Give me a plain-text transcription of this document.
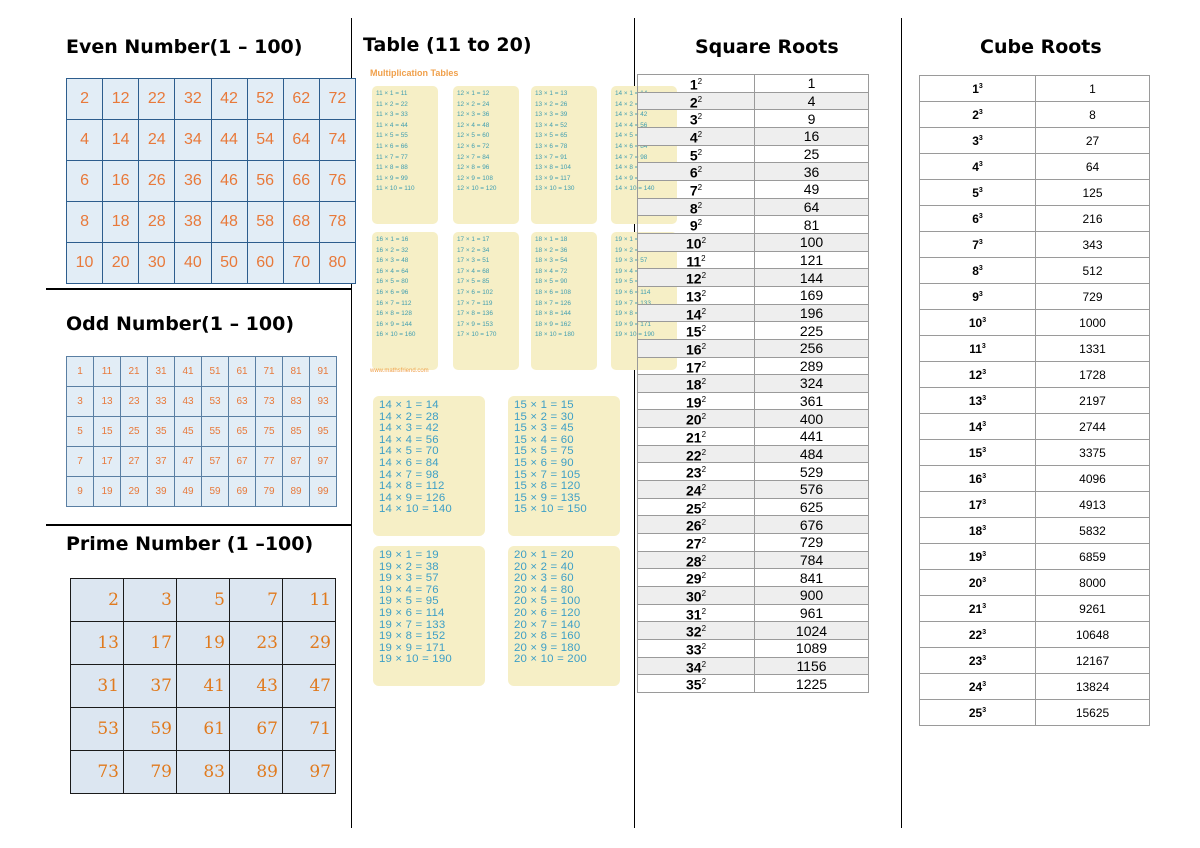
Even Number(1 – 100)
Odd Number(1 – 100)
Prime Number (1 –100)
Table (11 to 20)	Square Roots	Cube Roots
2	12	22	32	42	52	62	72
4	14	24	34	44	54	64	74
6	16	26	36	46	56	66	76
8	18	28	38	48	58	68	78
10	20	30	40	50	60	70	80
1	11	21	31	41	51	61	71	81	91
3	13	23	33	43	53	63	73	83	93
5	15	25	35	45	55	65	75	85	95
7	17	27	37	47	57	67	77	87	97
9	19	29	39	49	59	69	79	89	99
2	3	5	7	11
13	17	19	23	29
31	37	41	43	47
53	59	61	67	71
73	79	83	89	97
Multiplication Tables
11 × 1 = 11
11 × 2 = 22
11 × 3 = 33
11 × 4 = 44
11 × 5 = 55
11 × 6 = 66
11 × 7 = 77
11 × 8 = 88
11 × 9 = 99
11 × 10 = 110
12 × 1 = 12
12 × 2 = 24
12 × 3 = 36
12 × 4 = 48
12 × 5 = 60
12 × 6 = 72
12 × 7 = 84
12 × 8 = 96
12 × 9 = 108
12 × 10 = 120
13 × 1 = 13
13 × 2 = 26
13 × 3 = 39
13 × 4 = 52
13 × 5 = 65
13 × 6 = 78
13 × 7 = 91
13 × 8 = 104
13 × 9 = 117
13 × 10 = 130
14 × 1 = 14
14 × 2 = 28
14 × 3 = 42
14 × 4 = 56
14 × 5 = 70
14 × 6 = 84
14 × 7 = 98
14 × 8 = 112
14 × 9 = 126
14 × 10 = 140
16 × 1 = 16
16 × 2 = 32
16 × 3 = 48
16 × 4 = 64
16 × 5 = 80
16 × 6 = 96
16 × 7 = 112
16 × 8 = 128
16 × 9 = 144
16 × 10 = 160
17 × 1 = 17
17 × 2 = 34
17 × 3 = 51
17 × 4 = 68
17 × 5 = 85
17 × 6 = 102
17 × 7 = 119
17 × 8 = 136
17 × 9 = 153
17 × 10 = 170
18 × 1 = 18
18 × 2 = 36
18 × 3 = 54
18 × 4 = 72
18 × 5 = 90
18 × 6 = 108
18 × 7 = 126
18 × 8 = 144
18 × 9 = 162
18 × 10 = 180
19 × 1 = 19
19 × 2 = 38
19 × 3 = 57
19 × 4 = 76
19 × 5 = 95
19 × 6 = 114
19 × 7 = 133
19 × 8 = 152
19 × 9 = 171
19 × 10 = 190
www.mathsfriend.com
14 × 1 = 14
14 × 2 = 28
14 × 3 = 42
14 × 4 = 56
14 × 5 = 70
14 × 6 = 84
14 × 7 = 98
14 × 8 = 112
14 × 9 = 126
14 × 10 = 140
15 × 1 = 15
15 × 2 = 30
15 × 3 = 45
15 × 4 = 60
15 × 5 = 75
15 × 6 = 90
15 × 7 = 105
15 × 8 = 120
15 × 9 = 135
15 × 10 = 150
19 × 1 = 19
19 × 2 = 38
19 × 3 = 57
19 × 4 = 76
19 × 5 = 95
19 × 6 = 114
19 × 7 = 133
19 × 8 = 152
19 × 9 = 171
19 × 10 = 190
20 × 1 = 20
20 × 2 = 40
20 × 3 = 60
20 × 4 = 80
20 × 5 = 100
20 × 6 = 120
20 × 7 = 140
20 × 8 = 160
20 × 9 = 180
20 × 10 = 200
$1^2$	1
$2^2$	4
$3^2$	9
$4^2$	16
$5^2$	25
$6^2$	36
$7^2$	49
$8^2$	64
$9^2$	81
$10^2$	100
$11^2$	121
$12^2$	144
$13^2$	169
$14^2$	196
$15^2$	225
$16^2$	256
$17^2$	289
$18^2$	324
$19^2$	361
$20^2$	400
$21^2$	441
$22^2$	484
$23^2$	529
$24^2$	576
$25^2$	625
$26^2$	676
$27^2$	729
$28^2$	784
$29^2$	841
$30^2$	900
$31^2$	961
$32^2$	1024
$33^2$	1089
$34^2$	1156
$35^2$	1225
$1^3$	1
$2^3$	8
$3^3$	27
$4^3$	64
$5^3$	125
$6^3$	216
$7^3$	343
$8^3$	512
$9^3$	729
$10^3$	1000
$11^3$	1331
$12^3$	1728
$13^3$	2197
$14^3$	2744
$15^3$	3375
$16^3$	4096
$17^3$	4913
$18^3$	5832
$19^3$	6859
$20^3$	8000
$21^3$	9261
$22^3$	10648
$23^3$	12167
$24^3$	13824
$25^3$	15625
